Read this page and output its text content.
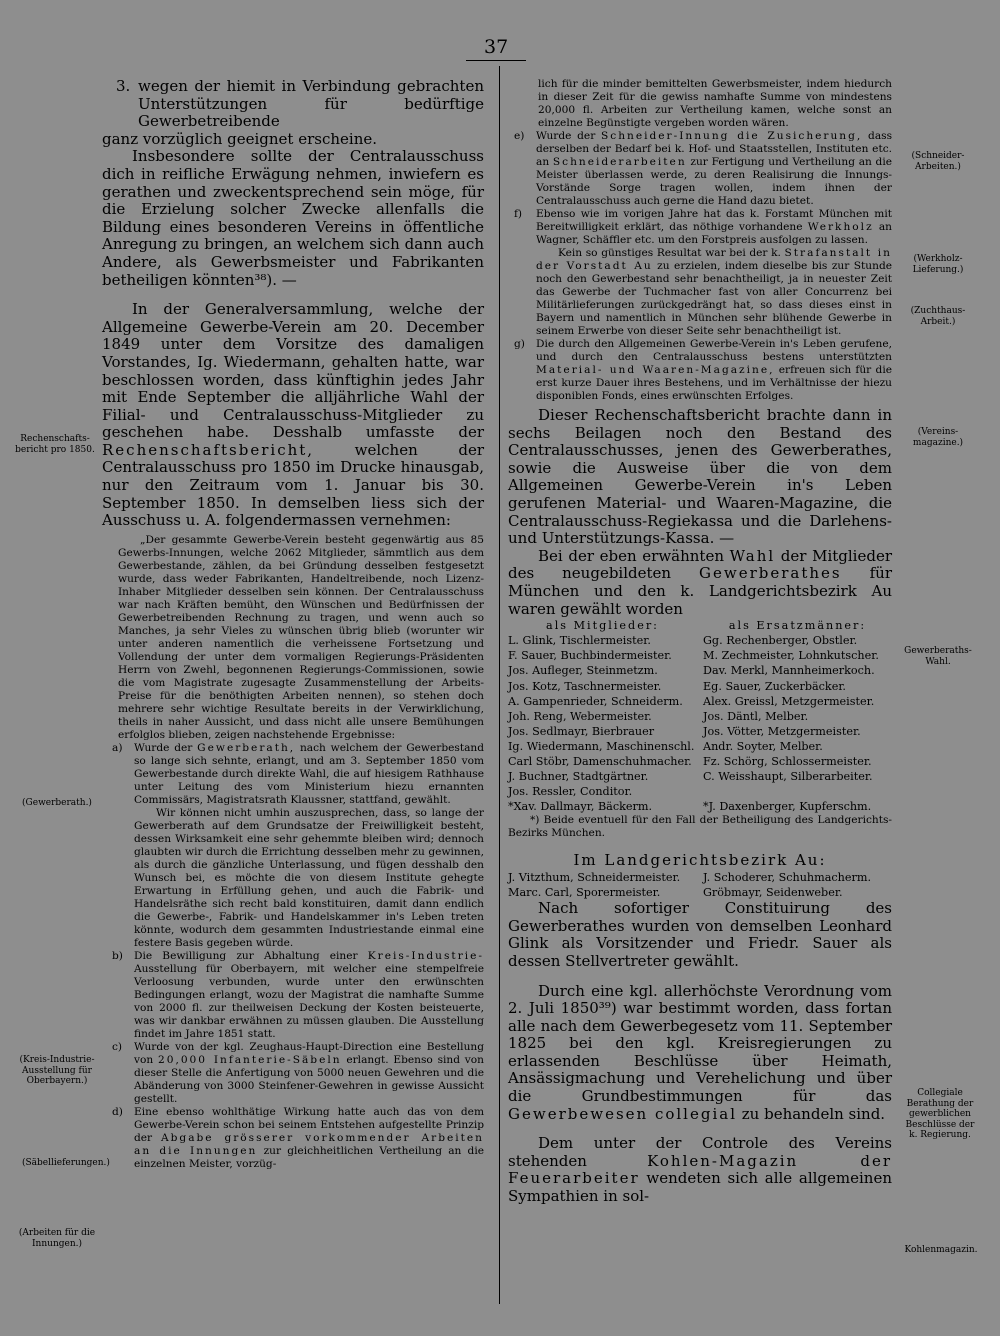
37
3. wegen der hiemit in Verbindung gebrachten Unterstützungen für bedürftige Gewerbetreibende

ganz vorzüglich geeignet erscheine.

Insbesondere sollte der Centralausschuss dich in reifliche Erwägung nehmen, inwiefern es gerathen und zweckentsprechend sein möge, für die Erzielung solcher Zwecke allenfalls die Bildung eines besonderen Vereins in öffentliche Anregung zu bringen, an welchem sich dann auch Andere, als Gewerbsmeister und Fabrikanten betheiligen könnten³⁸). —

In der Generalversammlung, welche der Allgemeine Gewerbe-Verein am 20. December 1849 unter dem Vorsitze des damaligen Vorstandes, Ig. Wiedermann, gehalten hatte, war beschlossen worden, dass künftighin jedes Jahr mit Ende September die alljährliche Wahl der Filial- und Centralausschuss-Mitglieder zu geschehen habe. Desshalb umfasste der Rechenschaftsbericht, welchen der Centralausschuss pro 1850 im Drucke hinausgab, nur den Zeitraum vom 1. Januar bis 30. September 1850. In demselben liess sich der Ausschuss u. A. folgendermassen vernehmen:

„Der gesammte Gewerbe-Verein besteht gegenwärtig aus 85 Gewerbs-Innungen, welche 2062 Mitglieder, sämmtlich aus dem Gewerbestande, zählen, da bei Gründung desselben festgesetzt wurde, dass weder Fabrikanten, Handeltreibende, noch Lizenz-Inhaber Mitglieder desselben sein können. Der Centralausschuss war nach Kräften bemüht, den Wünschen und Bedürfnissen der Gewerbetreibenden Rechnung zu tragen, und wenn auch so Manches, ja sehr Vieles zu wünschen übrig blieb (worunter wir unter anderen namentlich die verheissene Fortsetzung und Vollendung der unter dem vormaligen Regierungs-Präsidenten Herrn von Zwehl, begonnenen Regierungs-Commissionen, sowie die vom Magistrate zugesagte Zusammenstellung der Arbeits-Preise für die benöthigten Arbeiten nennen), so stehen doch mehrere sehr wichtige Resultate bereits in der Verwirklichung, theils in naher Aussicht, und dass nicht alle unsere Bemühungen erfolglos blieben, zeigen nachstehende Ergebnisse:

a)	Wurde der Gewerberath, nach welchem der Gewerbestand so lange sich sehnte, erlangt, und am 3. September 1850 vom Gewerbestande durch direkte Wahl, die auf hiesigem Rathhause unter Leitung des vom Ministerium hiezu ernannten Commissärs, Magistratsrath Klaussner, stattfand, gewählt.

Wir können nicht umhin auszusprechen, dass, so lange der Gewerberath auf dem Grundsatze der Freiwilligkeit besteht, dessen Wirksamkeit eine sehr gehemmte bleiben wird; dennoch glaubten wir durch die Errichtung desselben mehr zu gewinnen, als durch die gänzliche Unterlassung, und fügen desshalb den Wunsch bei, es möchte die von diesem Institute gehegte Erwartung in Erfüllung gehen, und auch die Fabrik- und Handelsräthe sich recht bald konstituiren, damit dann endlich die Gewerbe-, Fabrik- und Handelskammer in's Leben treten könnte, wodurch dem gesammten Industriestande einmal eine festere Basis gegeben würde.

b)	Die Bewilligung zur Abhaltung einer Kreis-Industrie-Ausstellung für Oberbayern, mit welcher eine stempelfreie Verloosung verbunden, wurde unter den erwünschten Bedingungen erlangt, wozu der Magistrat die namhafte Summe von 2000 fl. zur theilweisen Deckung der Kosten beisteuerte, was wir dankbar erwähnen zu müssen glauben. Die Ausstellung findet im Jahre 1851 statt.
c)	Wurde von der kgl. Zeughaus-Haupt-Direction eine Bestellung von 20,000 Infanterie-Säbeln erlangt. Ebenso sind von dieser Stelle die Anfertigung von 5000 neuen Gewehren und die Abänderung von 3000 Steinfener-Gewehren in gewisse Aussicht gestellt.
d)	Eine ebenso wohlthätige Wirkung hatte auch das von dem Gewerbe-Verein schon bei seinem Entstehen aufgestellte Prinzip der Abgabe grösserer vorkommender Arbeiten an die Innungen zur gleichheitlichen Vertheilung an die einzelnen Meister, vorzüg-

lich für die minder bemittelten Gewerbsmeister, indem hiedurch in dieser Zeit für die gewiss namhafte Summe von mindestens 20,000 fl. Arbeiten zur Vertheilung kamen, welche sonst an einzelne Begünstigte vergeben worden wären.

e)	Wurde der Schneider-Innung die Zusicherung, dass derselben der Bedarf bei k. Hof- und Staatsstellen, Instituten etc. an Schneiderarbeiten zur Fertigung und Vertheilung an die Meister überlassen werde, zu deren Realisirung die Innungs-Vorstände Sorge tragen wollen, indem ihnen der Centralausschuss auch gerne die Hand dazu bietet.
f)	Ebenso wie im vorigen Jahre hat das k. Forstamt München mit Bereitwilligkeit erklärt, das nöthige vorhandene Werkholz an Wagner, Schäffler etc. um den Forstpreis ausfolgen zu lassen.

Kein so günstiges Resultat war bei der k. Strafanstalt in der Vorstadt Au zu erzielen, indem dieselbe bis zur Stunde noch den Gewerbestand sehr benachtheiligt, ja in neuester Zeit das Gewerbe der Tuchmacher fast von aller Concurrenz bei Militärlieferungen zurückgedrängt hat, so dass dieses einst in Bayern und namentlich in München sehr blühende Gewerbe in seinem Erwerbe von dieser Seite sehr benachtheiligt ist.

g)	Die durch den Allgemeinen Gewerbe-Verein in's Leben gerufene, und durch den Centralausschuss bestens unterstützten Material- und Waaren-Magazine, erfreuen sich für die erst kurze Dauer ihres Bestehens, und im Verhältnisse der hiezu disponiblen Fonds, eines erwünschten Erfolges.

Dieser Rechenschaftsbericht brachte dann in sechs Beilagen noch den Bestand des Centralausschusses, jenen des Gewerberathes, sowie die Ausweise über die von dem Allgemeinen Gewerbe-Verein in's Leben gerufenen Material- und Waaren-Magazine, die Centralausschuss-Regiekassa und die Darlehens- und Unterstützungs-Kassa. —

Bei der eben erwähnten Wahl der Mitglieder des neugebildeten Gewerberathes für München und den k. Landgerichtsbezirk Au waren gewählt worden

als Mitglieder:	als Ersatzmänner:
L. Glink, Tischlermeister.	Gg. Rechenberger, Obstler.
F. Sauer, Buchbindermeister.	M. Zechmeister, Lohnkutscher.
Jos. Aufleger, Steinmetzm.	Dav. Merkl, Mannheimerkoch.
Jos. Kotz, Taschnermeister.	Eg. Sauer, Zuckerbäcker.
A. Gampenrieder, Schneiderm.	Alex. Greissl, Metzgermeister.
Joh. Reng, Webermeister.	Jos. Däntl, Melber.
Jos. Sedlmayr, Bierbrauer	Jos. Vötter, Metzgermeister.
Ig. Wiedermann, Maschinenschl. Andr. Soyter, Melber.
Carl Stöbr, Damenschuhmacher.	Fz. Schörg, Schlossermeister.
J. Buchner, Stadtgärtner.	C. Weisshaupt, Silberarbeiter.
Jos. Ressler, Conditor.
*Xav. Dallmayr, Bäckerm.	*J. Daxenberger, Kupferschm.

*) Beide eventuell für den Fall der Betheiligung des Landgerichts-Bezirks München.

Im Landgerichtsbezirk Au:
J. Vitzthum, Schneidermeister.	J. Schoderer, Schuhmacherm.
Marc. Carl, Sporermeister.	Gröbmayr, Seidenweber.

Nach sofortiger Constituirung des Gewerberathes wurden von demselben Leonhard Glink als Vorsitzender und Friedr. Sauer als dessen Stellvertreter gewählt.

Durch eine kgl. allerhöchste Verordnung vom 2. Juli 1850³⁹) war bestimmt worden, dass fortan alle nach dem Gewerbegesetz vom 11. September 1825 bei den kgl. Kreisregierungen zu erlassenden Beschlüsse über Heimath, Ansässigmachung und Verehelichung und über die Grundbestimmungen für das Gewerbewesen collegial zu behandeln sind.

Dem unter der Controle des Vereins stehenden Kohlen-Magazin der Feuerarbeiter wendeten sich alle allgemeinen Sympathien in sol-

Rechenschafts-bericht pro 1850.
(Gewerberath.)
(Kreis-Industrie-Ausstellung für Oberbayern.)
(Säbellieferungen.)
(Arbeiten für die Innungen.)
(Schneider-Arbeiten.)
(Werkholz-Lieferung.)
(Zuchthaus-Arbeit.)
(Vereins-magazine.)
Gewerberaths-Wahl.
Collegiale Berathung der gewerblichen Beschlüsse der k. Regierung.
Kohlenmagazin.
